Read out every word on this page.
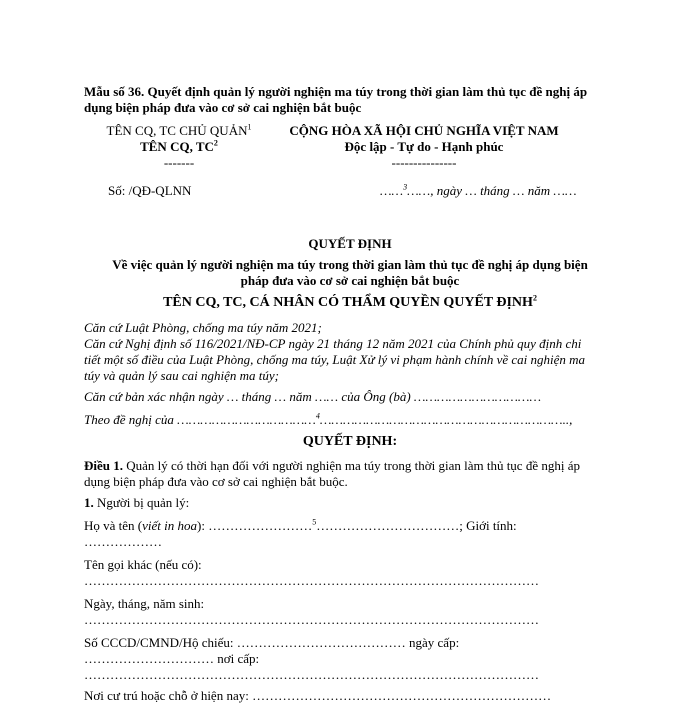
Mẫu số 36. Quyết định quản lý người nghiện ma túy trong thời gian làm thủ tục đề nghị áp
dụng biện pháp đưa vào cơ sở cai nghiện bắt buộc
TÊN CQ, TC CHỦ QUẢN$^1$
TÊN CQ, $TC^2$
-------
CỘNG HÒA XÃ HỘI CHỦ NGHĨA VIỆT NAM
Độc lập - Tự do - Hạnh phúc
---------------
Số: /QĐ-QLNN	……$^3$……, ngày … tháng … năm ……
QUYẾT ĐỊNH
Về việc quản lý người nghiện ma túy trong thời gian làm thủ tục đề nghị áp dụng biện
pháp đưa vào cơ sở cai nghiện bắt buộc
TÊN CQ, TC, CÁ NHÂN CÓ THẨM QUYỀN QUYẾT ĐỊNH$^2$
Căn cứ Luật Phòng, chống ma túy năm 2021;
Căn cứ Nghị định số 116/2021/NĐ-CP ngày 21 tháng 12 năm 2021 của Chính phủ quy định chi
tiết một số điều của Luật Phòng, chống ma túy, Luật Xử lý vi phạm hành chính về cai nghiện ma
túy và quản lý sau cai nghiện ma túy;
Căn cứ bản xác nhận ngày … tháng … năm …… của Ông (bà) ……………………………
Theo đề nghị của ………………………………$^4$………………………………………………………..,
QUYẾT ĐỊNH:
Điều 1. Quản lý có thời hạn đối với người nghiện ma túy trong thời gian làm thủ tục đề nghị áp
dụng biện pháp đưa vào cơ sở cai nghiện bắt buộc.
1. Người bị quản lý:
Họ và tên (viết in hoa): ……………………$^5$……………………………; Giới tính:
………………
Tên gọi khác (nếu có):
……………………………………………………………………………………………
Ngày, tháng, năm sinh:
……………………………………………………………………………………………
Số CCCD/CMND/Hộ chiếu: ………………………………… ngày cấp:
………………………… nơi cấp:
……………………………………………………………………………………………
Nơi cư trú hoặc chỗ ở hiện nay: ……………………………………………………………
